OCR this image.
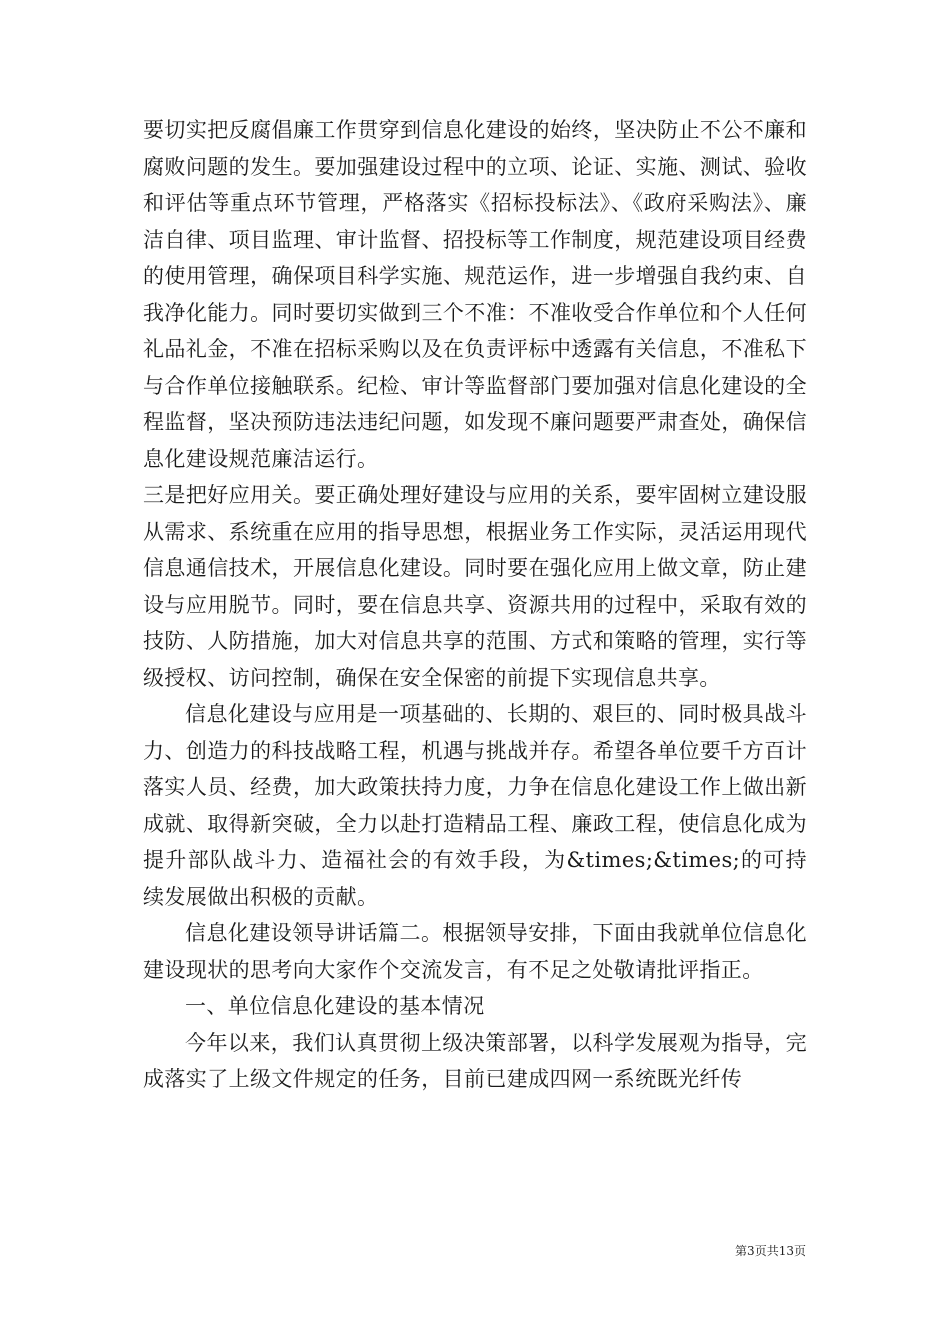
要切实把反腐倡廉工作贯穿到信息化建设的始终，坚决防止不公不廉和腐败问题的发生。要加强建设过程中的立项、论证、实施、测试、验收和评估等重点环节管理，严格落实《招标投标法》、《政府采购法》、廉洁自律、项目监理、审计监督、招投标等工作制度，规范建设项目经费的使用管理，确保项目科学实施、规范运作，进一步增强自我约束、自我净化能力。同时要切实做到三个不准：不准收受合作单位和个人任何礼品礼金，不准在招标采购以及在负责评标中透露有关信息，不准私下与合作单位接触联系。纪检、审计等监督部门要加强对信息化建设的全程监督，坚决预防违法违纪问题，如发现不廉问题要严肃查处，确保信息化建设规范廉洁运行。

三是把好应用关。要正确处理好建设与应用的关系，要牢固树立建设服从需求、系统重在应用的指导思想，根据业务工作实际，灵活运用现代信息通信技术，开展信息化建设。同时要在强化应用上做文章，防止建设与应用脱节。同时，要在信息共享、资源共用的过程中，采取有效的技防、人防措施，加大对信息共享的范围、方式和策略的管理，实行等级授权、访问控制，确保在安全保密的前提下实现信息共享。

信息化建设与应用是一项基础的、长期的、艰巨的、同时极具战斗力、创造力的科技战略工程，机遇与挑战并存。希望各单位要千方百计落实人员、经费，加大政策扶持力度，力争在信息化建设工作上做出新成就、取得新突破，全力以赴打造精品工程、廉政工程，使信息化成为提升部队战斗力、造福社会的有效手段，为&times;&times;的可持续发展做出积极的贡献。

信息化建设领导讲话篇二。根据领导安排，下面由我就单位信息化建设现状的思考向大家作个交流发言，有不足之处敬请批评指正。

一、单位信息化建设的基本情况

今年以来，我们认真贯彻上级决策部署，以科学发展观为指导，完成落实了上级文件规定的任务，目前已建成四网一系统既光纤传

第3页共13页
